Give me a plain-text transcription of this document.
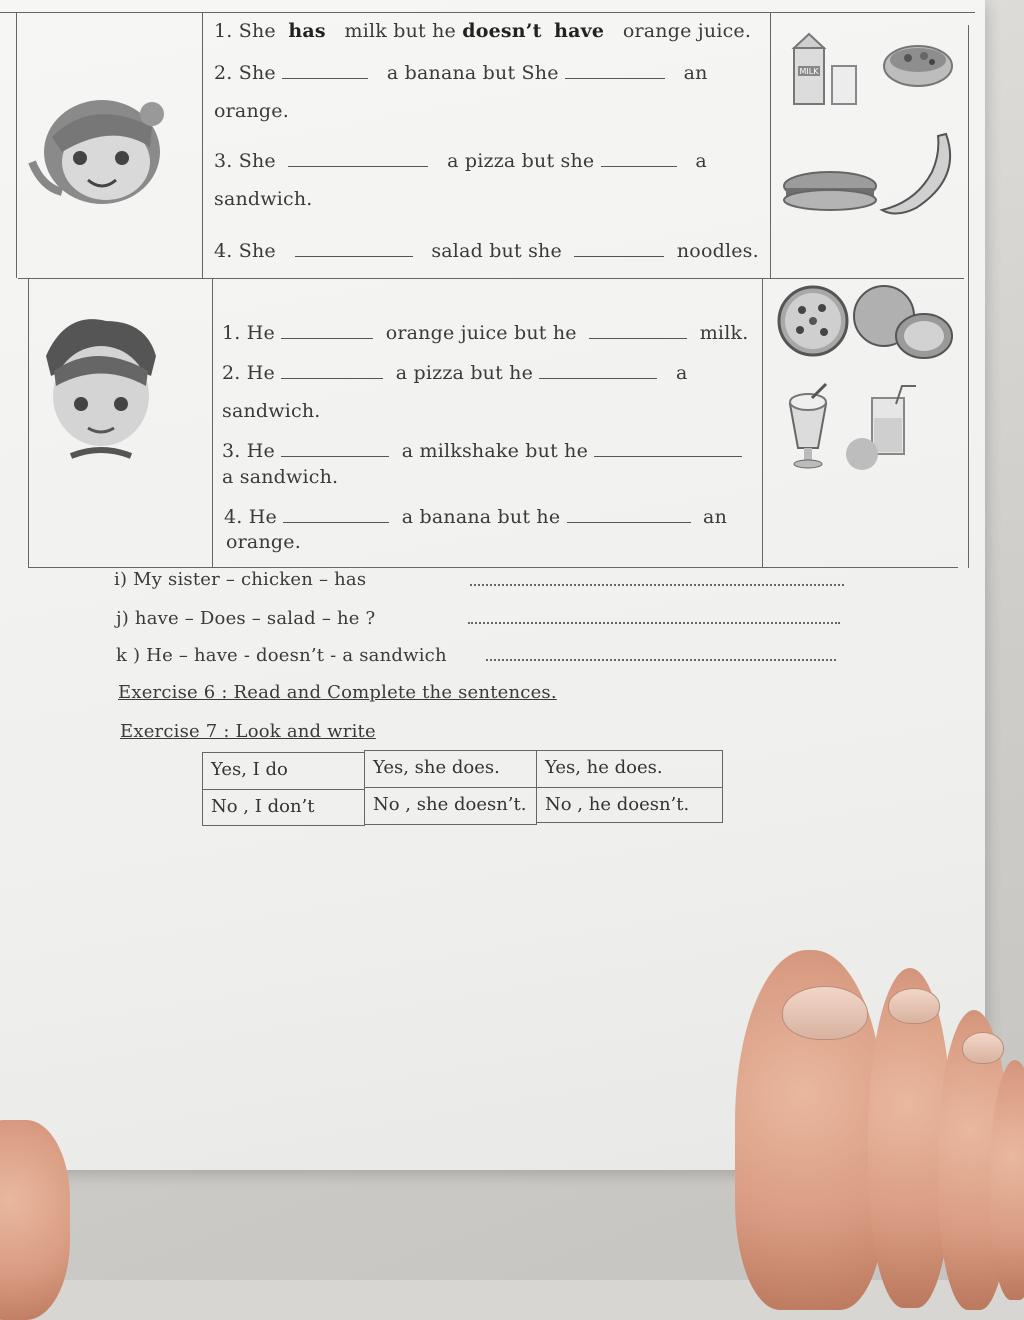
1. She has milk but he doesn’t have orange juice.
2. She	a banana but She	an
orange.
3. She	a pizza but she	a
sandwich.
4. She	salad but she	noodles.
1. He	orange juice but he	milk.
2. He	a pizza but he	a
sandwich.
3. He	a milkshake but he
a sandwich.
4. He	a banana but he	an
orange.
MILK
i) My sister – chicken – has
j) have – Does – salad – he ?
k ) He – have - doesn’t - a sandwich
Exercise 6 : Read and Complete the sentences.
Exercise 7 : Look and write
Yes, I do	Yes, she does.	Yes, he does.
No , I don’t	No , she doesn’t.	No , he doesn’t.
